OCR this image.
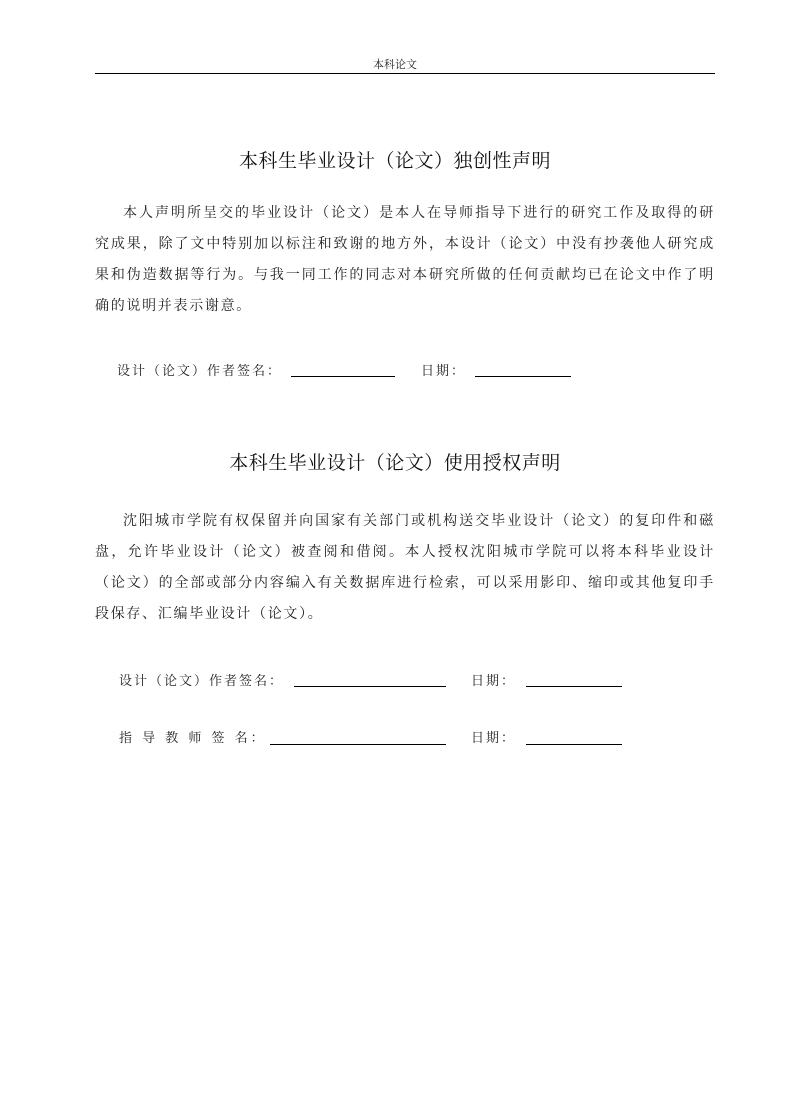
本科论文
本科生毕业设计（论文）独创性声明
本人声明所呈交的毕业设计（论文）是本人在导师指导下进行的研究工作及取得的研究成果，除了文中特别加以标注和致谢的地方外，本设计（论文）中没有抄袭他人研究成果和伪造数据等行为。与我一同工作的同志对本研究所做的任何贡献均已在论文中作了明确的说明并表示谢意。
设计（论文）作者签名：	日期：
本科生毕业设计（论文）使用授权声明
沈阳城市学院有权保留并向国家有关部门或机构送交毕业设计（论文）的复印件和磁盘，允许毕业设计（论文）被查阅和借阅。本人授权沈阳城市学院可以将本科毕业设计（论文）的全部或部分内容编入有关数据库进行检索，可以采用影印、缩印或其他复印手段保存、汇编毕业设计（论文）。
设计（论文）作者签名：	日期：
指 导 教 师 签 名：	日期：
